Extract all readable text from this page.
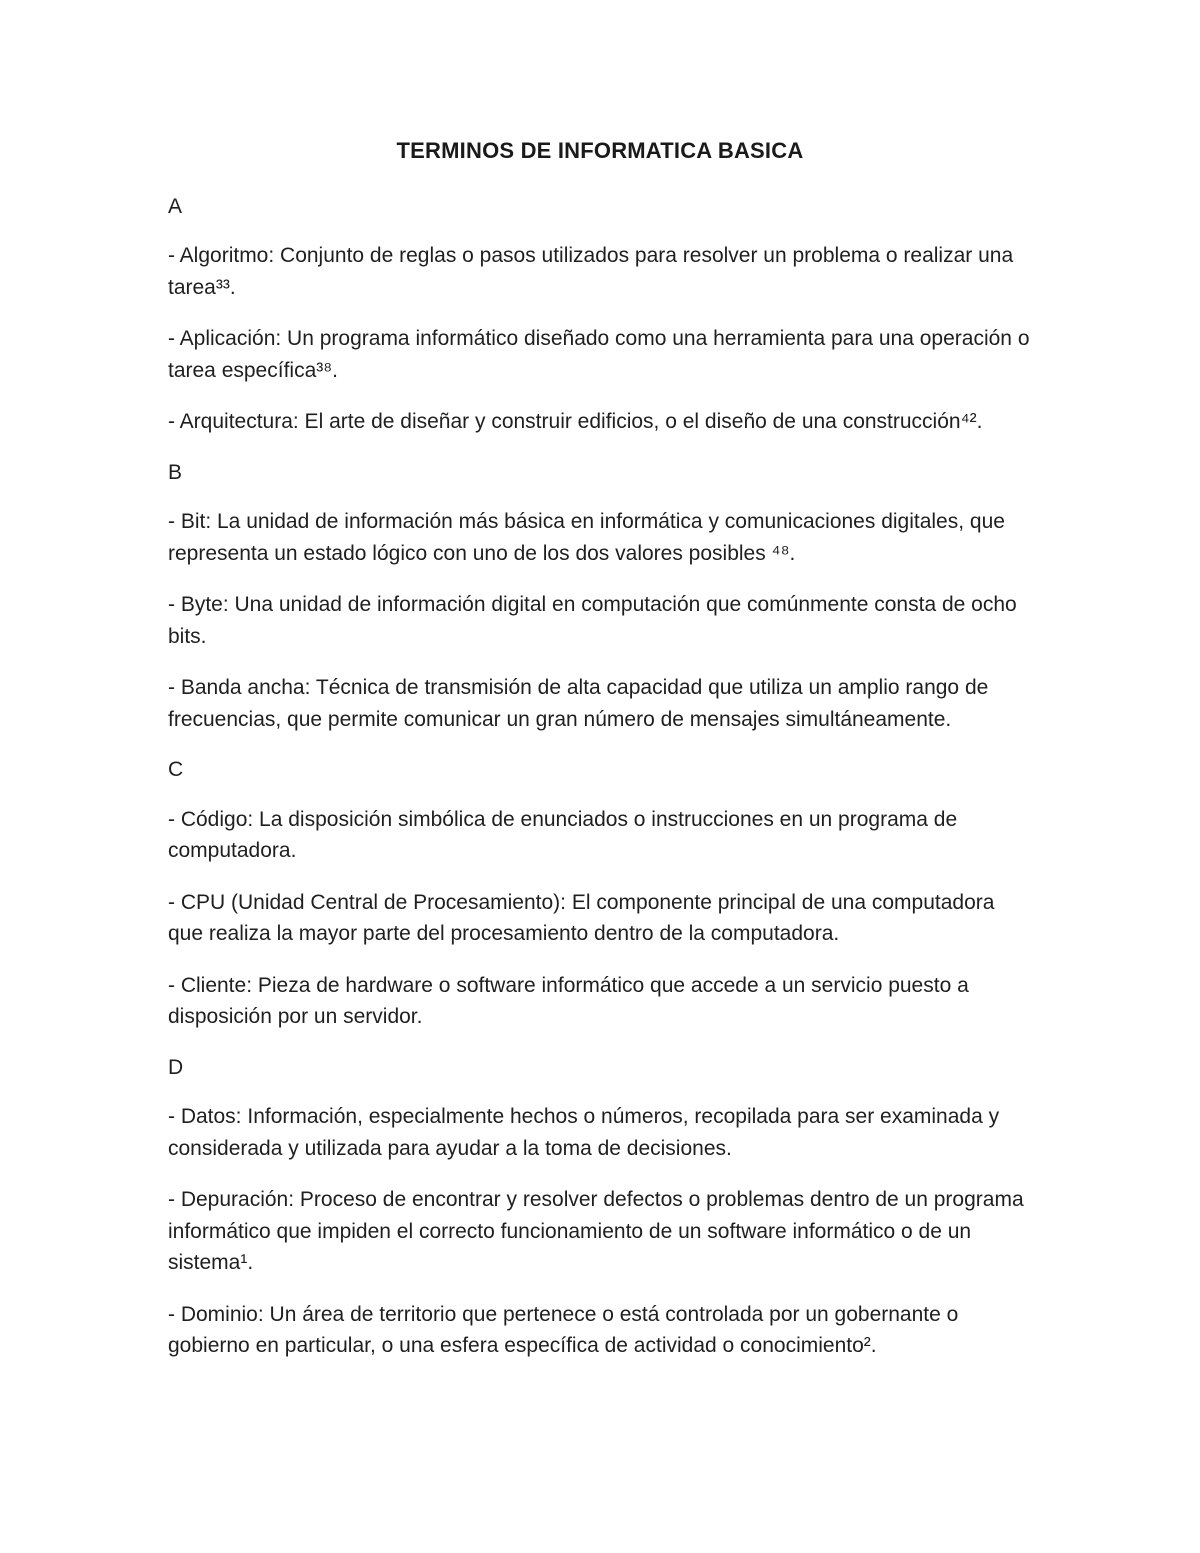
TERMINOS DE INFORMATICA BASICA

A

- Algoritmo: Conjunto de reglas o pasos utilizados para resolver un problema o realizar una tarea³³.

- Aplicación: Un programa informático diseñado como una herramienta para una operación o tarea específica³⁸.

- Arquitectura: El arte de diseñar y construir edificios, o el diseño de una construcción⁴².

B

- Bit: La unidad de información más básica en informática y comunicaciones digitales, que representa un estado lógico con uno de los dos valores posibles ⁴⁸.

- Byte: Una unidad de información digital en computación que comúnmente consta de ocho bits.

- Banda ancha: Técnica de transmisión de alta capacidad que utiliza un amplio rango de frecuencias, que permite comunicar un gran número de mensajes simultáneamente.

C

- Código: La disposición simbólica de enunciados o instrucciones en un programa de computadora.

- CPU (Unidad Central de Procesamiento): El componente principal de una computadora que realiza la mayor parte del procesamiento dentro de la computadora.

- Cliente: Pieza de hardware o software informático que accede a un servicio puesto a disposición por un servidor.

D

- Datos: Información, especialmente hechos o números, recopilada para ser examinada y considerada y utilizada para ayudar a la toma de decisiones.

- Depuración: Proceso de encontrar y resolver defectos o problemas dentro de un programa informático que impiden el correcto funcionamiento de un software informático o de un sistema¹.

- Dominio: Un área de territorio que pertenece o está controlada por un gobernante o gobierno en particular, o una esfera específica de actividad o conocimiento².
